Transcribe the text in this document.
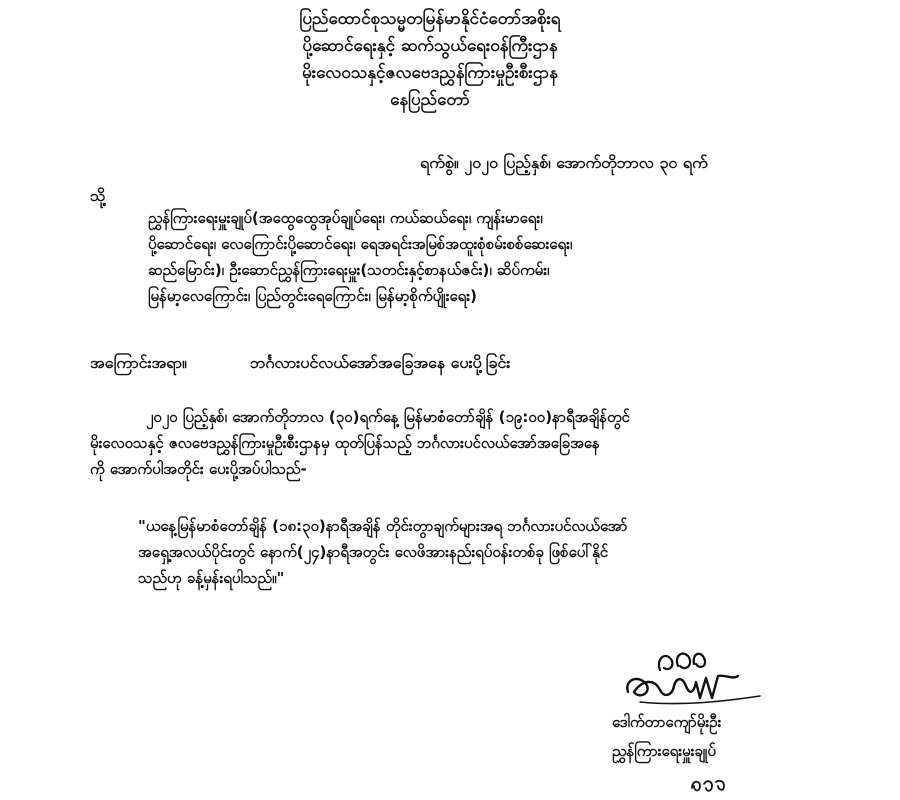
ပြည်ထောင်စုသမ္မတမြန်မာနိုင်ငံတော်အစိုးရ
ပို့ဆောင်ရေးနှင့် ဆက်သွယ်ရေးဝန်ကြီးဌာန
မိုးလေဝသနှင့်ဇလဗေဒညွှန်ကြားမှုဦးစီးဌာန
နေပြည်တော်
ရက်စွဲ။ ၂၀၂၀ ပြည့်နှစ်၊ အောက်တိုဘာလ ၃၀ ရက်
သို့
ညွှန်ကြားရေးမှူးချုပ်(အထွေထွေအုပ်ချုပ်ရေး၊ ကယ်ဆယ်ရေး၊ ကျန်းမာရေး၊
ပို့ဆောင်ရေး၊ လေကြောင်းပို့ဆောင်ရေး၊ ရေအရင်းအမြစ်အထူးစုံစမ်းစစ်ဆေးရေး၊
ဆည်မြောင်း)၊ ဦးဆောင်ညွှန်ကြားရေးမှူး(သတင်းနှင့်စာနယ်ဇင်း)၊ ဆိပ်ကမ်း၊
မြန်မာ့လေကြောင်း၊ ပြည်တွင်းရေကြောင်း၊ မြန်မာ့စိုက်ပျိုးရေး)
အကြောင်းအရာ။	ဘင်္ဂလားပင်လယ်အော်အခြေအနေ ပေးပို့ခြင်း
၂၀၂၀ ပြည့်နှစ်၊ အောက်တိုဘာလ (၃၀)ရက်နေ့ မြန်မာစံတော်ချိန် (၁၉:၀၀)နာရီအချိန်တွင်
မိုးလေဝသနှင့် ဇလဗေဒညွှန်ကြားမှုဦးစီးဌာနမှ ထုတ်ပြန်သည့် ဘင်္ဂလားပင်လယ်အော်အခြေအနေ
ကို အောက်ပါအတိုင်း ပေးပို့အပ်ပါသည်-
"ယနေ့မြန်မာစံတော်ချိန် (၁၈:၃၀)နာရီအချိန် တိုင်းတွာချက်များအရ ဘင်္ဂလားပင်လယ်အော်
အရှေ့အလယ်ပိုင်းတွင် နောက်(၂၄)နာရီအတွင်း လေဖိအားနည်းရပ်ဝန်းတစ်ခု ဖြစ်ပေါ်နိုင်
သည်ဟု ခန့်မှန်းရပါသည်။"
ဒေါက်တာကျော်မိုးဦး
ညွှန်ကြားရေးမှူးချုပ်
